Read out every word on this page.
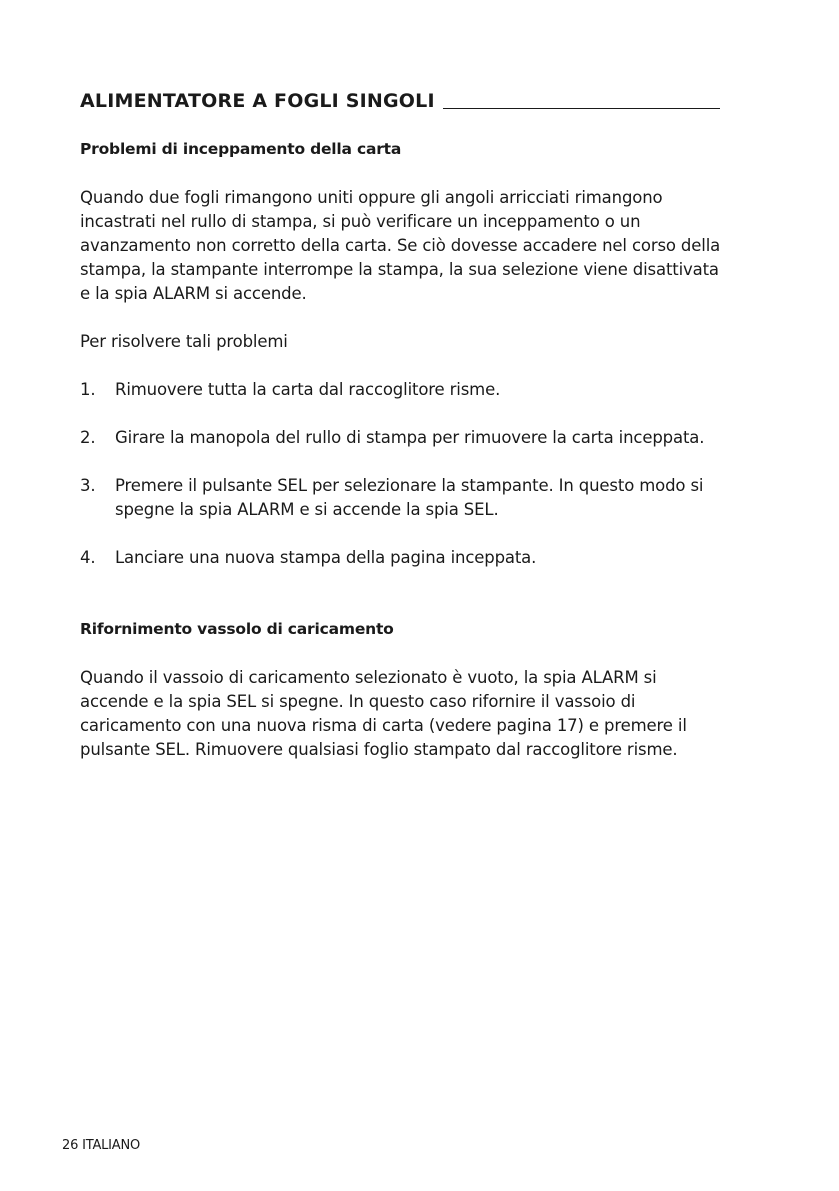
ALIMENTATORE A FOGLI SINGOLI
Problemi di inceppamento della carta

Quando due fogli rimangono uniti oppure gli angoli arricciati rimangono incastrati nel rullo di stampa, si può verificare un inceppamento o un avanzamento non corretto della carta. Se ciò dovesse accadere nel corso della stampa, la stampante interrompe la stampa, la sua selezione viene disattivata e la spia ALARM si accende.

Per risolvere tali problemi

1. Rimuovere tutta la carta dal raccoglitore risme.
2. Girare la manopola del rullo di stampa per rimuovere la carta inceppata.
3. Premere il pulsante SEL per selezionare la stampante. In questo modo si spegne la spia ALARM e si accende la spia SEL.
4. Lanciare una nuova stampa della pagina inceppata.
Rifornimento vassolo di caricamento

Quando il vassoio di caricamento selezionato è vuoto, la spia ALARM si accende e la spia SEL si spegne. In questo caso rifornire il vassoio di caricamento con una nuova risma di carta (vedere pagina 17) e premere il pulsante SEL. Rimuovere qualsiasi foglio stampato dal raccoglitore risme.

26 ITALIANO
